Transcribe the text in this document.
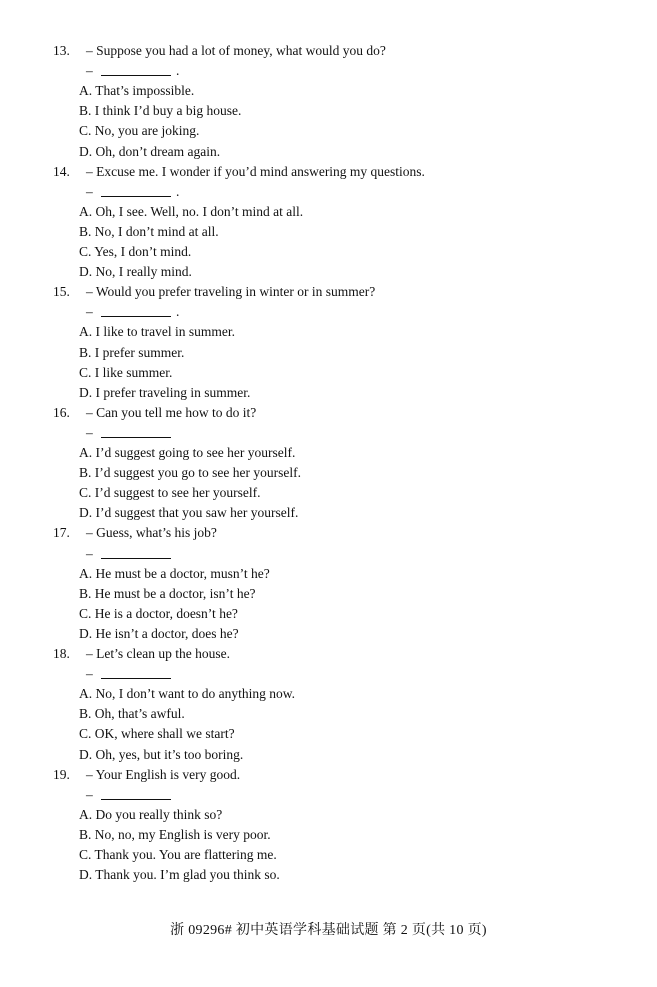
13. – Suppose you had a lot of money, what would you do?
–	.
A. That’s impossible.
B. I think I’d buy a big house.
C. No, you are joking.
D. Oh, don’t dream again.
14. – Excuse me. I wonder if you’d mind answering my questions.
–	.
A. Oh, I see. Well, no. I don’t mind at all.
B. No, I don’t mind at all.
C. Yes, I don’t mind.
D. No, I really mind.
15. – Would you prefer traveling in winter or in summer?
–	.
A. I like to travel in summer.
B. I prefer summer.
C. I like summer.
D. I prefer traveling in summer.
16. – Can you tell me how to do it?
–
A. I’d suggest going to see her yourself.
B. I’d suggest you go to see her yourself.
C. I’d suggest to see her yourself.
D. I’d suggest that you saw her yourself.
17. – Guess, what’s his job?
–
A. He must be a doctor, musn’t he?
B. He must be a doctor, isn’t he?
C. He is a doctor, doesn’t he?
D. He isn’t a doctor, does he?
18. – Let’s clean up the house.
–
A. No, I don’t want to do anything now.
B. Oh, that’s awful.
C. OK, where shall we start?
D. Oh, yes, but it’s too boring.
19. – Your English is very good.
–
A. Do you really think so?
B. No, no, my English is very poor.
C. Thank you. You are flattering me.
D. Thank you. I’m glad you think so.
浙 09296# 初中英语学科基础试题 第 2 页(共 10 页)
